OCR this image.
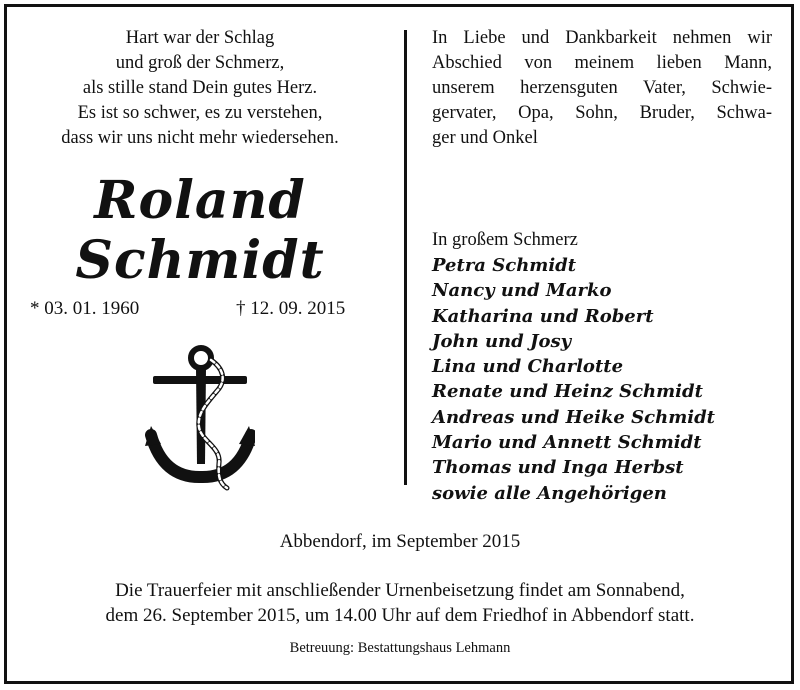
Hart war der Schlag
und groß der Schmerz,
als stille stand Dein gutes Herz.
Es ist so schwer, es zu verstehen,
dass wir uns nicht mehr wiedersehen.
Roland
Schmidt
* 03. 01. 1960	† 12. 09. 2015
In Liebe und Dankbarkeit nehmen wir
Abschied von meinem lieben Mann,
unserem herzensguten Vater, Schwie-
gervater, Opa, Sohn, Bruder, Schwa-
ger und Onkel
In großem Schmerz
Petra Schmidt
Nancy und Marko
Katharina und Robert
John und Josy
Lina und Charlotte
Renate und Heinz Schmidt
Andreas und Heike Schmidt
Mario und Annett Schmidt
Thomas und Inga Herbst
sowie alle Angehörigen
Abbendorf, im September 2015
Die Trauerfeier mit anschließender Urnenbeisetzung findet am Sonnabend,
dem 26. September 2015, um 14.00 Uhr auf dem Friedhof in Abbendorf statt.
Betreuung: Bestattungshaus Lehmann
